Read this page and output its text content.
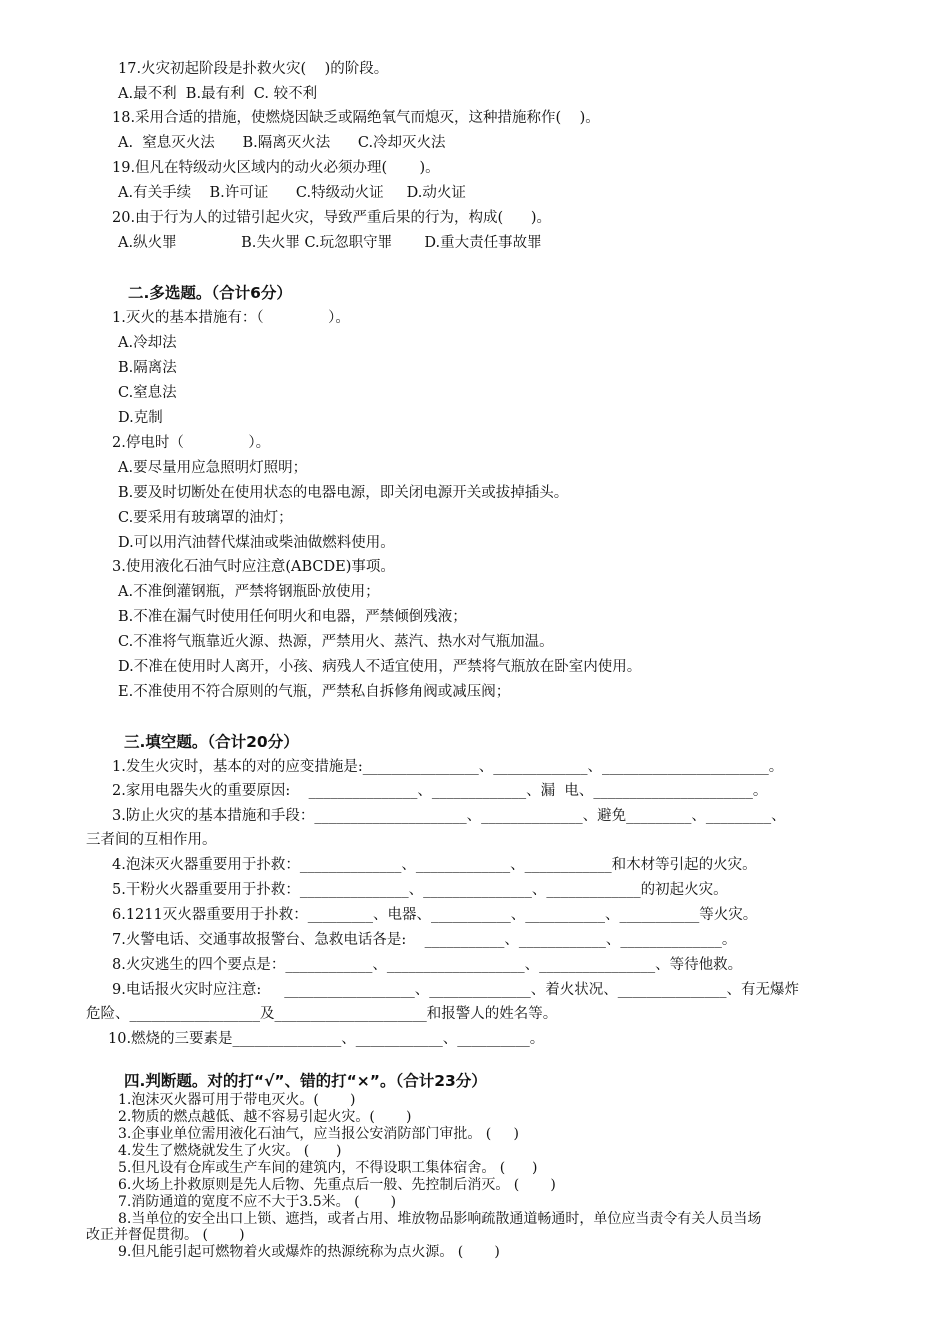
17.火灾初起阶段是扑救火灾(    )的阶段。
A.最不利  B.最有利  C. 较不利
18.采用合适的措施，使燃烧因缺乏或隔绝氧气而熄灭，这种措施称作(    )。
A.  窒息灭火法      B.隔离灭火法      C.冷却灭火法
19.但凡在特级动火区域内的动火必须办理(       )。
A.有关手续    B.许可证      C.特级动火证     D.动火证
20.由于行为人的过错引起火灾，导致严重后果的行为，构成(      )。
A.纵火罪              B.失火罪 C.玩忽职守罪       D.重大责任事故罪
二.多选题。（合计6分）
1.灭火的基本措施有：（              ）。
A.冷却法
B.隔离法
C.窒息法
D.克制
2.停电时（              ）。
A.要尽量用应急照明灯照明；
B.要及时切断处在使用状态的电器电源，即关闭电源开关或拔掉插头。
C.要采用有玻璃罩的油灯；
D.可以用汽油替代煤油或柴油做燃料使用。
3.使用液化石油气时应注意(ABCDE)事项。
A.不准倒灌钢瓶，严禁将钢瓶卧放使用；
B.不准在漏气时使用任何明火和电器，严禁倾倒残液；
C.不准将气瓶靠近火源、热源，严禁用火、蒸汽、热水对气瓶加温。
D.不准在使用时人离开，小孩、病残人不适宜使用，严禁将气瓶放在卧室内使用。
E.不准使用不符合原则的气瓶，严禁私自拆修角阀或减压阀；
三.填空题。（合计20分）
1.发生火灾时，基本的对的应变措施是:________________、_____________、_______________________。
2.家用电器失火的重要原因:    _______________、_____________、漏  电、______________________。
3.防止火灾的基本措施和手段：_____________________、______________、避免_________、_________、
三者间的互相作用。
4.泡沫灭火器重要用于扑救：______________、_____________、____________和木材等引起的火灾。
5.干粉火火器重要用于扑救：_______________、_______________、_____________的初起火灾。
6.1211灭火器重要用于扑救：_________、电器、___________、___________、___________等火灾。
7.火警电话、交通事故报警台、急救电话各是:    ___________、____________、______________。
8.火灾逃生的四个要点是：____________、___________________、________________、等待他救。
9.电话报火灾时应注意:     __________________、______________、着火状况、_______________、有无爆炸
危险、__________________及_____________________和报警人的姓名等。
10.燃烧的三要素是_______________、____________、__________。
四.判断题。对的打“√”、错的打“×”。（合计23分）
1.泡沫灭火器可用于带电灭火。(       )
2.物质的燃点越低、越不容易引起火灾。(       )
3.企事业单位需用液化石油气，应当报公安消防部门审批。 (     )
4.发生了燃烧就发生了火灾。 (      )
5.但凡设有仓库或生产车间的建筑内，不得设职工集体宿舍。 (      )
6.火场上扑救原则是先人后物、先重点后一般、先控制后消灭。 (       )
7.消防通道的宽度不应不大于3.5米。 (       )
8.当单位的安全出口上锁、遮挡，或者占用、堆放物品影响疏散通道畅通时，单位应当责令有关人员当场
改正并督促贯彻。 (       )
9.但凡能引起可燃物着火或爆炸的热源统称为点火源。 (       )
